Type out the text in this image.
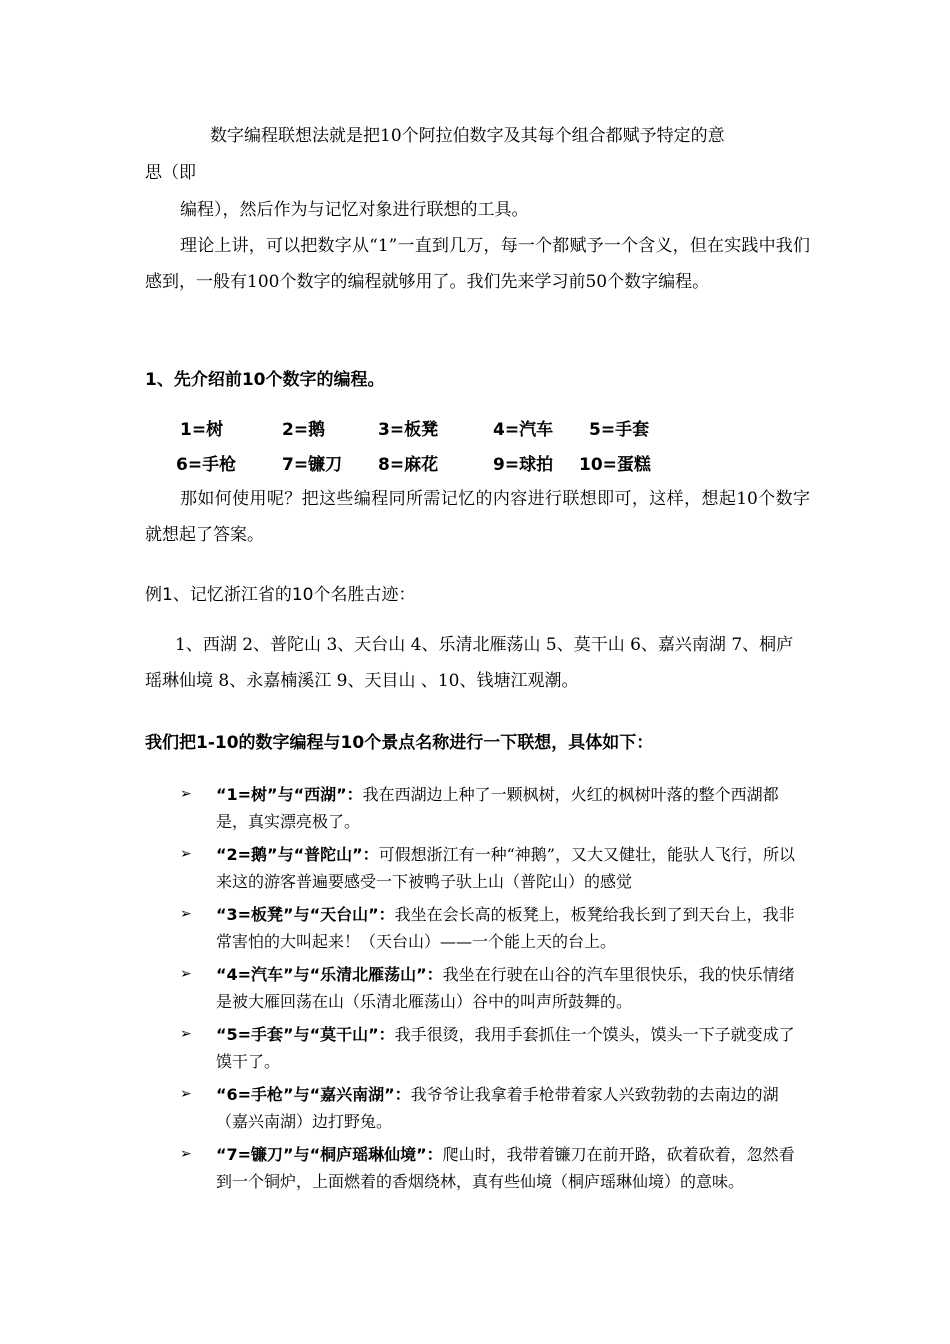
数字编程联想法就是把10个阿拉伯数字及其每个组合都赋予特定的意
思（即
编程），然后作为与记忆对象进行联想的工具。
理论上讲，可以把数字从“1”一直到几万，每一个都赋予一个含义，但在实践中我们感到，一般有100个数字的编程就够用了。我们先来学习前50个数字编程。
1、先介绍前10个数字的编程。
1=树	2=鹅	3=板凳	4=汽车 5=手套
6=手枪	7=镰刀 8=麻花	9=球拍 10=蛋糕
那如何使用呢？把这些编程同所需记忆的内容进行联想即可，这样，想起10个数字就想起了答案。
例1、记忆浙江省的10个名胜古迹：
1、西湖 2、普陀山 3、天台山 4、乐清北雁荡山 5、莫干山 6、嘉兴南湖 7、桐庐瑶琳仙境 8、永嘉楠溪江 9、天目山 、10、钱塘江观潮。
我们把1-10的数字编程与10个景点名称进行一下联想，具体如下：
➢ “1=树”与“西湖”：我在西湖边上种了一颗枫树，火红的枫树叶落的整个西湖都是，真实漂亮极了。
➢ “2=鹅”与“普陀山”：可假想浙江有一种“神鹅”，又大又健壮，能驮人飞行，所以来这的游客普遍要感受一下被鸭子驮上山（普陀山）的感觉
➢ “3=板凳”与“天台山”：我坐在会长高的板凳上，板凳给我长到了到天台上，我非常害怕的大叫起来！（天台山）——一个能上天的台上。
➢ “4=汽车”与“乐清北雁荡山”：我坐在行驶在山谷的汽车里很快乐，我的快乐情绪是被大雁回荡在山（乐清北雁荡山）谷中的叫声所鼓舞的。
➢ “5=手套”与“莫干山”：我手很烫，我用手套抓住一个馍头，馍头一下子就变成了馍干了。
➢ “6=手枪”与“嘉兴南湖”：我爷爷让我拿着手枪带着家人兴致勃勃的去南边的湖（嘉兴南湖）边打野兔。
➢ “7=镰刀”与“桐庐瑶琳仙境”：爬山时，我带着镰刀在前开路，砍着砍着，忽然看到一个铜炉，上面燃着的香烟绕林，真有些仙境（桐庐瑶琳仙境）的意味。
